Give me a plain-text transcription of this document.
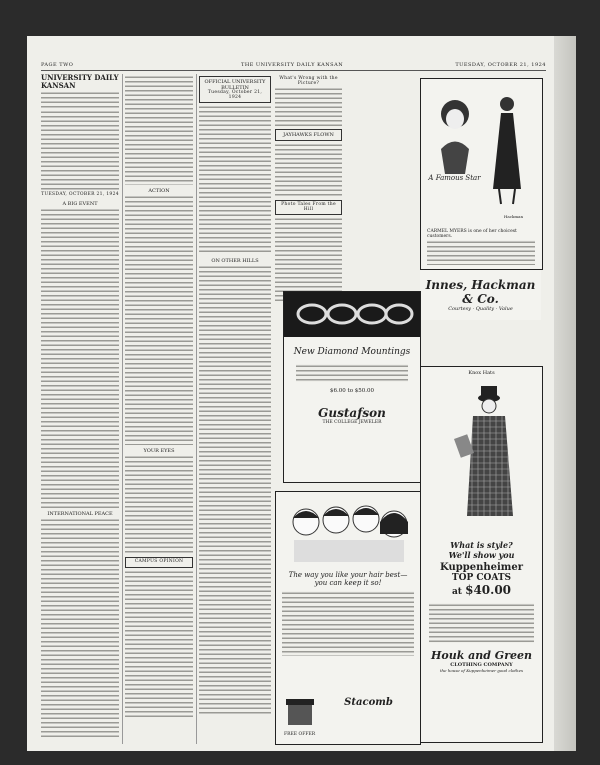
PAGE TWO	THE UNIVERSITY DAILY KANSAN	TUESDAY, OCTOBER 21, 1924
UNIVERSITY DAILY KANSAN
TUESDAY, OCTOBER 21, 1924
A BIG EVENT
INTERNATIONAL PEACE
ACTION
YOUR EYES
CAMPUS OPINION
OFFICIAL UNIVERSITY BULLETIN
Tuesday, October 21, 1924
ON OTHER HILLS
What's Wrong with the Picture?
JAYHAWKS FLOWN
Photo Tales From the Hill
A Famous Star
Hackman
CARMEL MYERS is one of her choicest customers.
Innes, Hackman & Co.
Courtesy · Quality · Value
New Diamond Mountings
$6.00 to $50.00
Gustafson
THE COLLEGE JEWELER
The way you like your hair best—you can keep it so!
Stacomb
FREE OFFER
Knox Hats
What is style?
We'll show you
Kuppenheimer
TOP COATS
at $40.00
Houk and Green
CLOTHING COMPANY
the house of Kuppenheimer good clothes
